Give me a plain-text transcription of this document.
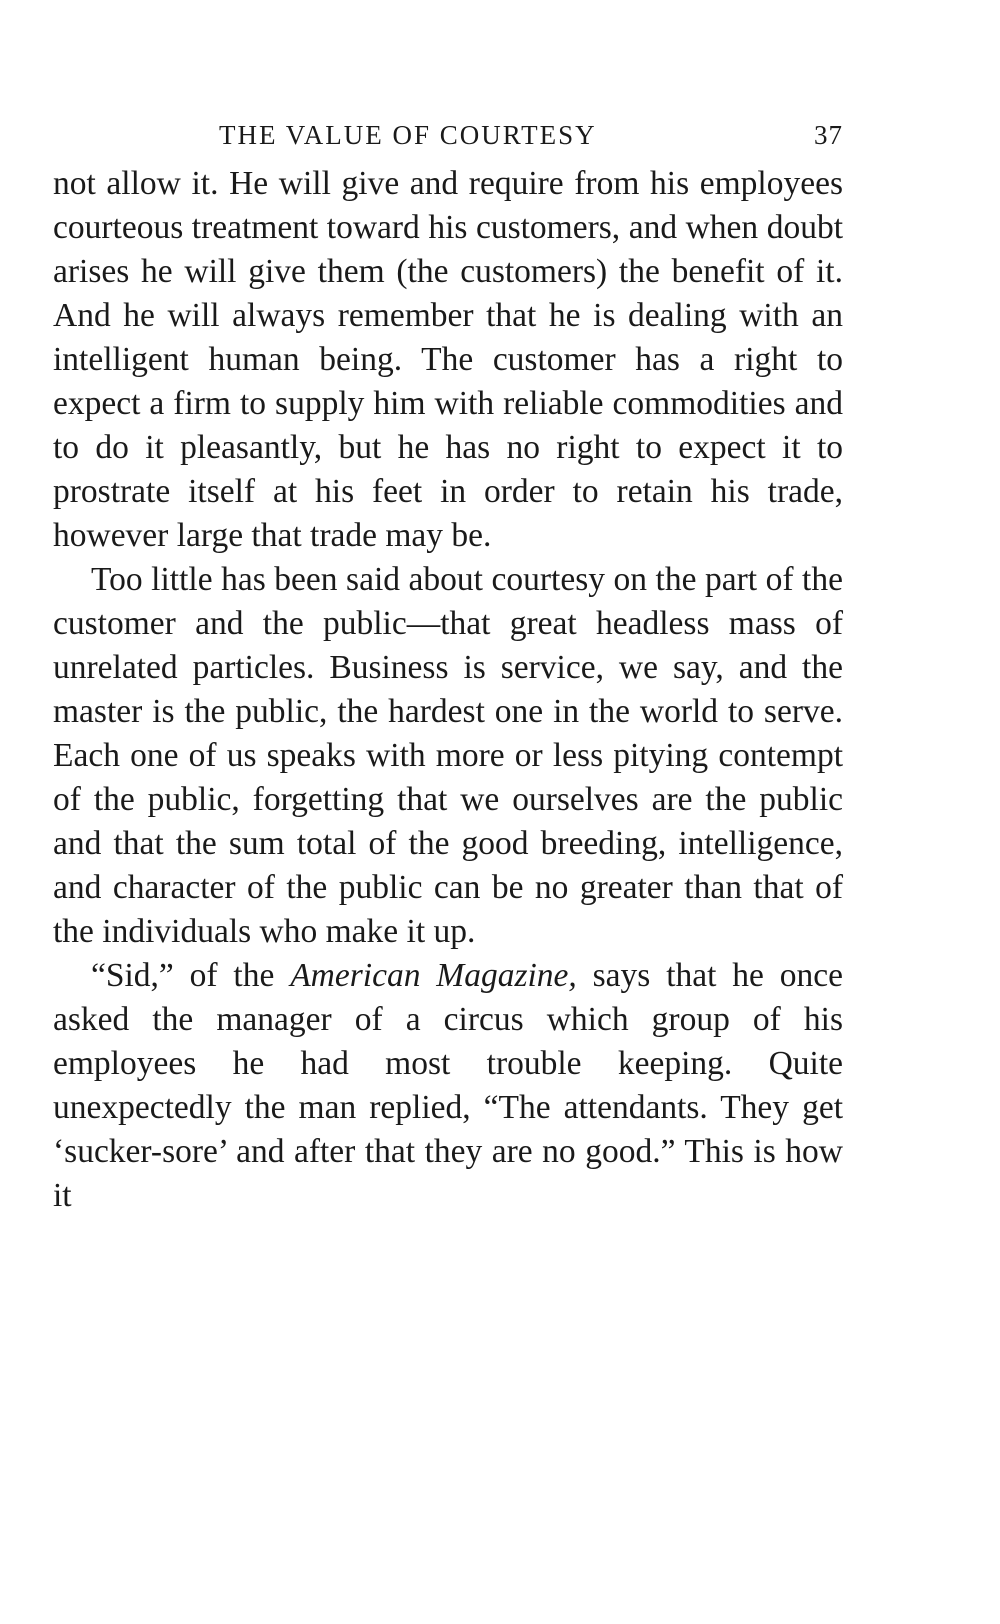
THE VALUE OF COURTESY	37

not allow it. He will give and require from his employees courteous treatment toward his customers, and when doubt arises he will give them (the customers) the benefit of it. And he will always remember that he is dealing with an intelligent human being. The customer has a right to expect a firm to supply him with reliable commodities and to do it pleasantly, but he has no right to expect it to prostrate itself at his feet in order to retain his trade, however large that trade may be.

Too little has been said about courtesy on the part of the customer and the public—that great headless mass of unrelated particles. Business is service, we say, and the master is the public, the hardest one in the world to serve. Each one of us speaks with more or less pitying contempt of the public, forgetting that we ourselves are the public and that the sum total of the good breeding, intelligence, and character of the public can be no greater than that of the individuals who make it up.

“Sid,” of the American Magazine, says that he once asked the manager of a circus which group of his employees he had most trouble keeping. Quite unexpectedly the man replied, “The attendants. They get ‘sucker-sore’ and after that they are no good.” This is how it
